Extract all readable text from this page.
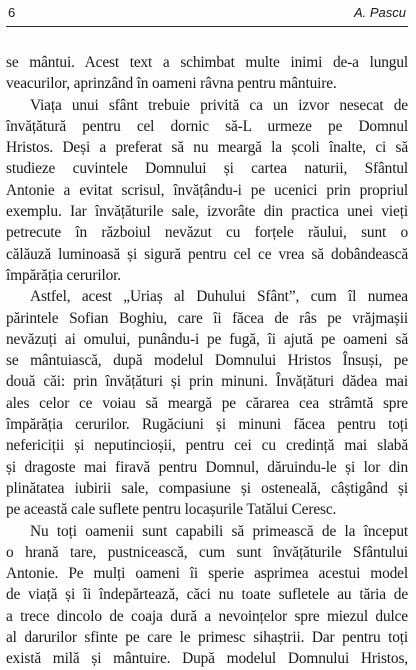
6	A. Pascu
se mântui. Acest text a schimbat multe inimi de-a lungul
veacurilor, aprinzând în oameni râvna pentru mântuire.
Viața unui sfânt trebuie privită ca un izvor nesecat de
învățătură pentru cel dornic să-L urmeze pe Domnul
Hristos. Deși a preferat să nu meargă la școli înalte, ci să
studieze cuvintele Domnului și cartea naturii, Sfântul
Antonie a evitat scrisul, învățându-i pe ucenici prin propriul
exemplu. Iar învățăturile sale, izvorâte din practica unei vieți
petrecute în războiul nevăzut cu forțele răului, sunt o
călăuză luminoasă și sigură pentru cel ce vrea să dobândească
împărăția cerurilor.
Astfel, acest „Uriaș al Duhului Sfânt”, cum îl numea
părintele Sofian Boghiu, care îi făcea de râs pe vrăjmașii
nevăzuți ai omului, punându-i pe fugă, îi ajută pe oameni să
se mântuiască, după modelul Domnului Hristos Însuși, pe
două căi: prin învățături și prin minuni. Învățături dădea mai
ales celor ce voiau să meargă pe cărarea cea strâmtă spre
împărăția cerurilor. Rugăciuni și minuni făcea pentru toți
nefericiții și neputincioșii, pentru cei cu credință mai slabă
și dragoste mai firavă pentru Domnul, dăruindu-le și lor din
plinătatea iubirii sale, compasiune și osteneală, câștigând și
pe această cale suflete pentru locașurile Tatălui Ceresc.
Nu toți oamenii sunt capabili să primească de la început
o hrană tare, pustnicească, cum sunt învățăturile Sfântului
Antonie. Pe mulți oameni îi sperie asprimea acestui model
de viață și îi îndepărtează, căci nu toate sufletele au tăria de
a trece dincolo de coaja dură a nevoințelor spre miezul dulce
al darurilor sfinte pe care le primesc sihaștrii. Dar pentru toți
există milă și mântuire. După modelul Domnului Hristos,
